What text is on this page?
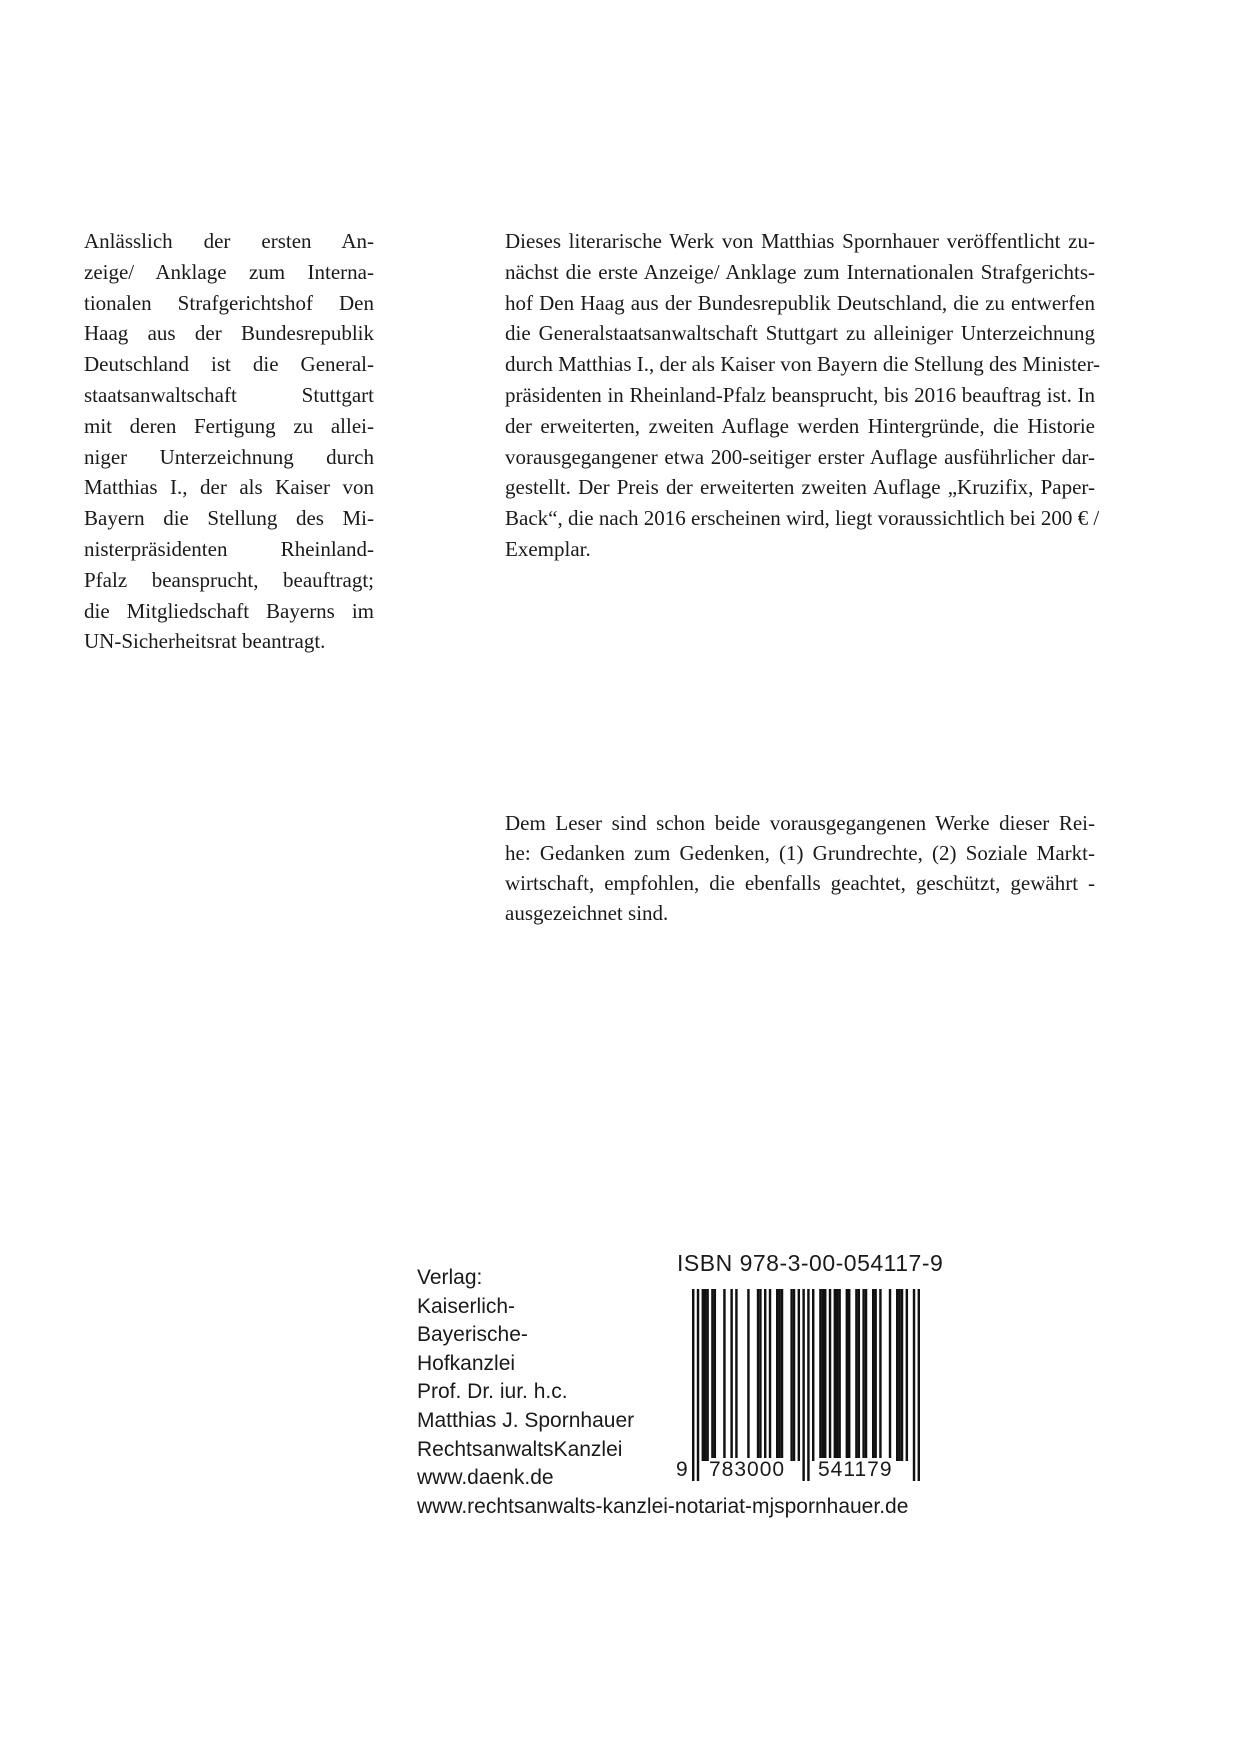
Anlässlich der ersten An-
zeige/ Anklage zum Interna-
tionalen Strafgerichtshof Den
Haag aus der Bundesrepublik
Deutschland ist die General-
staatsanwaltschaft Stuttgart
mit deren Fertigung zu allei-
niger Unterzeichnung durch
Matthias I., der als Kaiser von
Bayern die Stellung des Mi-
nisterpräsidenten Rheinland-
Pfalz beansprucht, beauftragt;
die Mitgliedschaft Bayerns im
UN-Sicherheitsrat beantragt.
Dieses literarische Werk von Matthias Spornhauer veröffentlicht zu-
nächst die erste Anzeige/ Anklage zum Internationalen Strafgerichts-
hof Den Haag aus der Bundesrepublik Deutschland, die zu entwerfen
die Generalstaatsanwaltschaft Stuttgart zu alleiniger Unterzeichnung
durch Matthias I., der als Kaiser von Bayern die Stellung des Minister-
präsidenten in Rheinland-Pfalz beansprucht, bis 2016 beauftrag ist. In
der erweiterten, zweiten Auflage werden Hintergründe, die Historie
vorausgegangener etwa 200-seitiger erster Auflage ausführlicher dar-
gestellt. Der Preis der erweiterten zweiten Auflage „Kruzifix, Paper-
Back“, die nach 2016 erscheinen wird, liegt voraussichtlich bei 200 € /
Exemplar.
Dem Leser sind schon beide vorausgegangenen Werke dieser Rei-
he: Gedanken zum Gedenken, (1) Grundrechte, (2) Soziale Markt-
wirtschaft, empfohlen, die ebenfalls geachtet, geschützt, gewährt -
ausgezeichnet sind.
Verlag:
Kaiserlich-
Bayerische-
Hofkanzlei
Prof. Dr. iur. h.c.
Matthias J. Spornhauer
RechtsanwaltsKanzlei
www.daenk.de
www.rechtsanwalts-kanzlei-notariat-mjspornhauer.de
ISBN 978-3-00-054117-9
9 783000 541179
